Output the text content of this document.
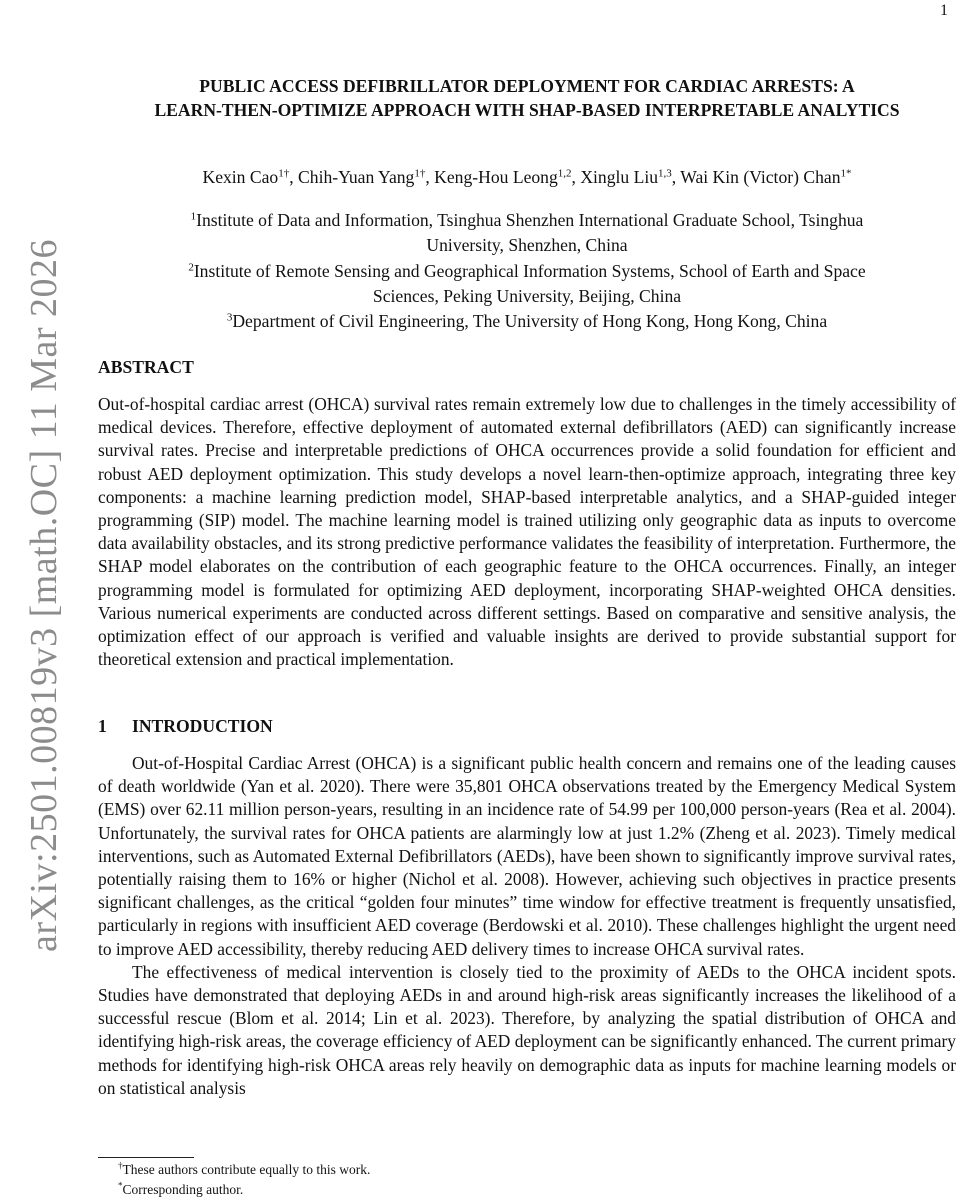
1
arXiv:2501.00819v3 [math.OC] 11 Mar 2026
PUBLIC ACCESS DEFIBRILLATOR DEPLOYMENT FOR CARDIAC ARRESTS: A
LEARN-THEN-OPTIMIZE APPROACH WITH SHAP-BASED INTERPRETABLE ANALYTICS
Kexin Cao$^{1\dagger}$, Chih-Yuan Yang$^{1\dagger}$, Keng-Hou Leong$^{1,2}$, Xinglu Liu$^{1,3}$, Wai Kin (Victor) Chan$^{1*}$
$^1$Institute of Data and Information, Tsinghua Shenzhen International Graduate School, Tsinghua
University, Shenzhen, China
$^2$Institute of Remote Sensing and Geographical Information Systems, School of Earth and Space
Sciences, Peking University, Beijing, China
$^3$Department of Civil Engineering, The University of Hong Kong, Hong Kong, China
ABSTRACT
Out-of-hospital cardiac arrest (OHCA) survival rates remain extremely low due to challenges in the timely accessibility of medical devices. Therefore, effective deployment of automated external defibrillators (AED) can significantly increase survival rates. Precise and interpretable predictions of OHCA occurrences provide a solid foundation for efficient and robust AED deployment optimization. This study develops a novel learn-then-optimize approach, integrating three key components: a machine learning prediction model, SHAP-based interpretable analytics, and a SHAP-guided integer programming (SIP) model. The machine learning model is trained utilizing only geographic data as inputs to overcome data availability obstacles, and its strong predictive performance validates the feasibility of interpretation. Furthermore, the SHAP model elaborates on the contribution of each geographic feature to the OHCA occurrences. Finally, an integer programming model is formulated for optimizing AED deployment, incorporating SHAP-weighted OHCA densities. Various numerical experiments are conducted across different settings. Based on comparative and sensitive analysis, the optimization effect of our approach is verified and valuable insights are derived to provide substantial support for theoretical extension and practical implementation.
1 INTRODUCTION

Out-of-Hospital Cardiac Arrest (OHCA) is a significant public health concern and remains one of the leading causes of death worldwide (Yan et al. 2020). There were 35,801 OHCA observations treated by the Emergency Medical System (EMS) over 62.11 million person-years, resulting in an incidence rate of 54.99 per 100,000 person-years (Rea et al. 2004). Unfortunately, the survival rates for OHCA patients are alarmingly low at just 1.2% (Zheng et al. 2023). Timely medical interventions, such as Automated External Defibrillators (AEDs), have been shown to significantly improve survival rates, potentially raising them to 16% or higher (Nichol et al. 2008). However, achieving such objectives in practice presents significant challenges, as the critical “golden four minutes” time window for effective treatment is frequently unsatisfied, particularly in regions with insufficient AED coverage (Berdowski et al. 2010). These challenges highlight the urgent need to improve AED accessibility, thereby reducing AED delivery times to increase OHCA survival rates.

The effectiveness of medical intervention is closely tied to the proximity of AEDs to the OHCA incident spots. Studies have demonstrated that deploying AEDs in and around high-risk areas significantly increases the likelihood of a successful rescue (Blom et al. 2014; Lin et al. 2023). Therefore, by analyzing the spatial distribution of OHCA and identifying high-risk areas, the coverage efficiency of AED deployment can be significantly enhanced. The current primary methods for identifying high-risk OHCA areas rely heavily on demographic data as inputs for machine learning models or on statistical analysis

†These authors contribute equally to this work.
*Corresponding author.
